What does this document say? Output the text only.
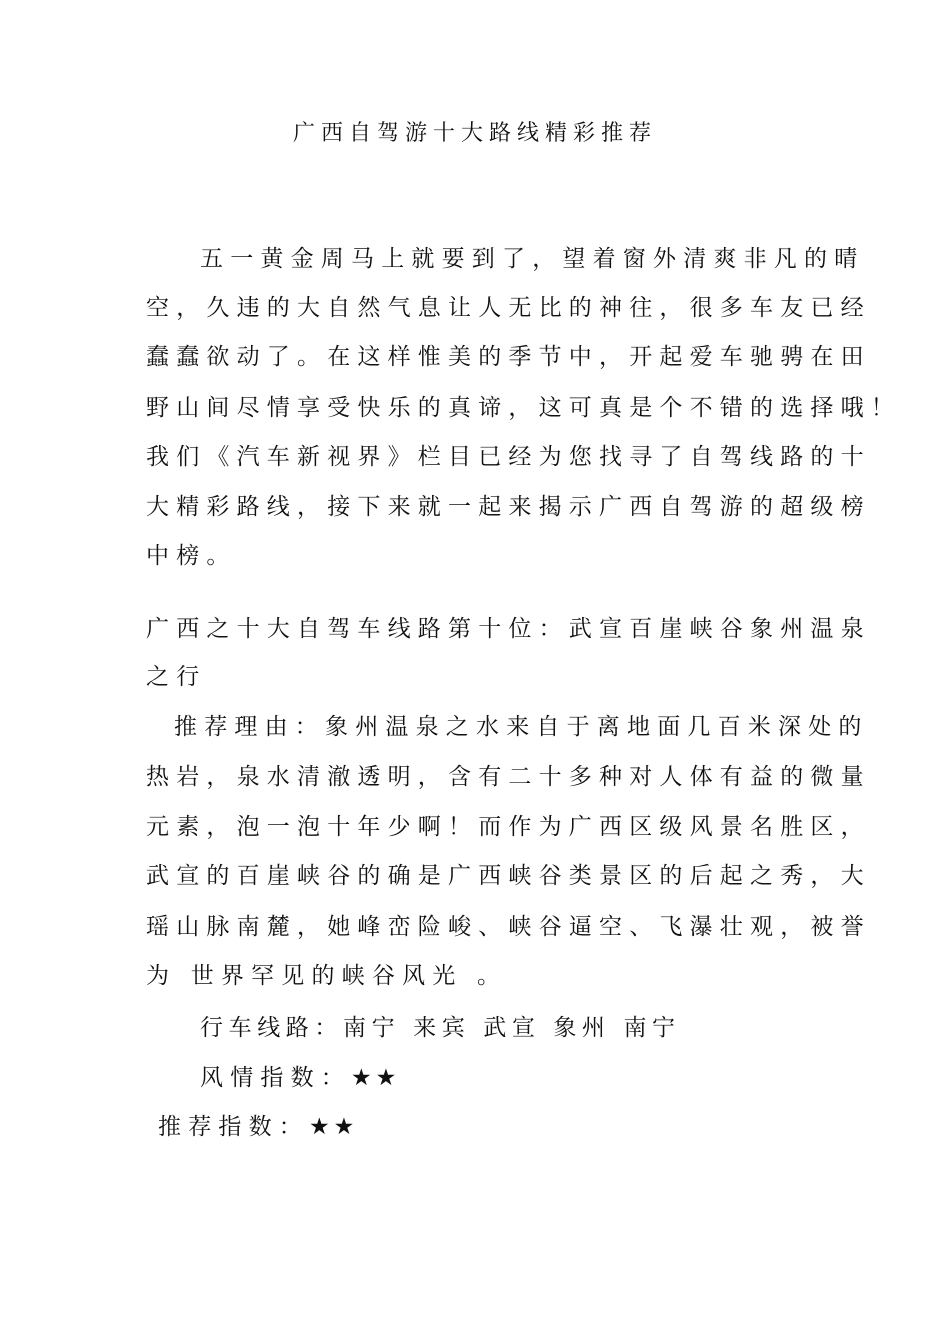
广西自驾游十大路线精彩推荐
五一黄金周马上就要到了，望着窗外清爽非凡的晴
空，久违的大自然气息让人无比的神往，很多车友已经
蠢蠢欲动了。在这样惟美的季节中，开起爱车驰骋在田
野山间尽情享受快乐的真谛，这可真是个不错的选择哦！
我们《汽车新视界》栏目已经为您找寻了自驾线路的十
大精彩路线，接下来就一起来揭示广西自驾游的超级榜
中榜。
广西之十大自驾车线路第十位：武宣百崖峡谷象州温泉
之行
推荐理由：象州温泉之水来自于离地面几百米深处的
热岩，泉水清澈透明，含有二十多种对人体有益的微量
元素，泡一泡十年少啊！而作为广西区级风景名胜区，
武宣的百崖峡谷的确是广西峡谷类景区的后起之秀，大
瑶山脉南麓，她峰峦险峻、峡谷逼空、飞瀑壮观，被誉
为 世界罕见的峡谷风光 。
行车线路：南宁 来宾 武宣 象州 南宁
风情指数：★★
推荐指数：★★
